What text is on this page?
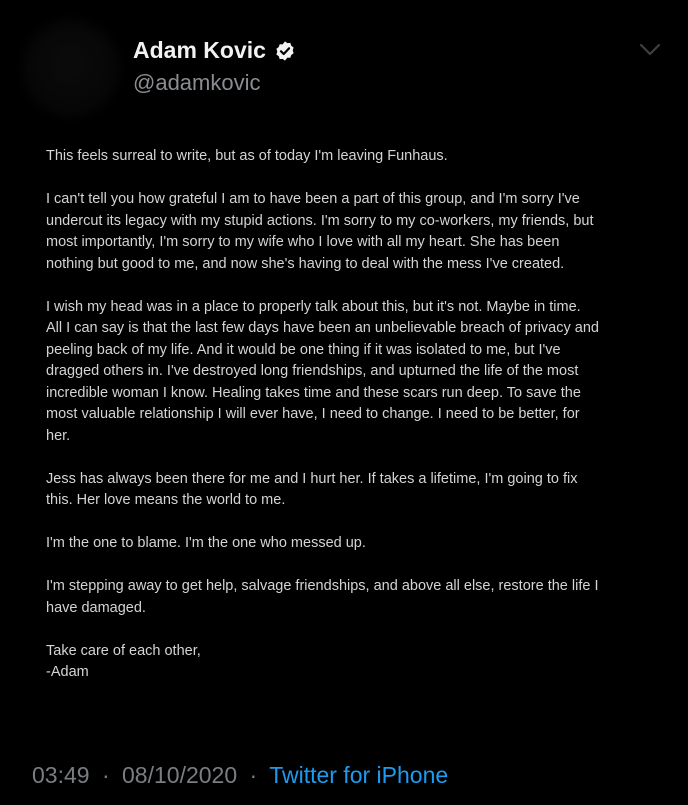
Adam Kovic
@adamkovic

This feels surreal to write, but as of today I'm leaving Funhaus.

I can't tell you how grateful I am to have been a part of this group, and I'm sorry I've
undercut its legacy with my stupid actions. I'm sorry to my co-workers, my friends, but
most importantly, I'm sorry to my wife who I love with all my heart. She has been
nothing but good to me, and now she's having to deal with the mess I've created.

I wish my head was in a place to properly talk about this, but it's not. Maybe in time.
All I can say is that the last few days have been an unbelievable breach of privacy and
peeling back of my life. And it would be one thing if it was isolated to me, but I've
dragged others in. I've destroyed long friendships, and upturned the life of the most
incredible woman I know. Healing takes time and these scars run deep. To save the
most valuable relationship I will ever have, I need to change. I need to be better, for
her.

Jess has always been there for me and I hurt her. If takes a lifetime, I'm going to fix
this. Her love means the world to me.

I'm the one to blame. I'm the one who messed up.

I'm stepping away to get help, salvage friendships, and above all else, restore the life I
have damaged.

Take care of each other,
-Adam

03:49 · 08/10/2020 · Twitter for iPhone
